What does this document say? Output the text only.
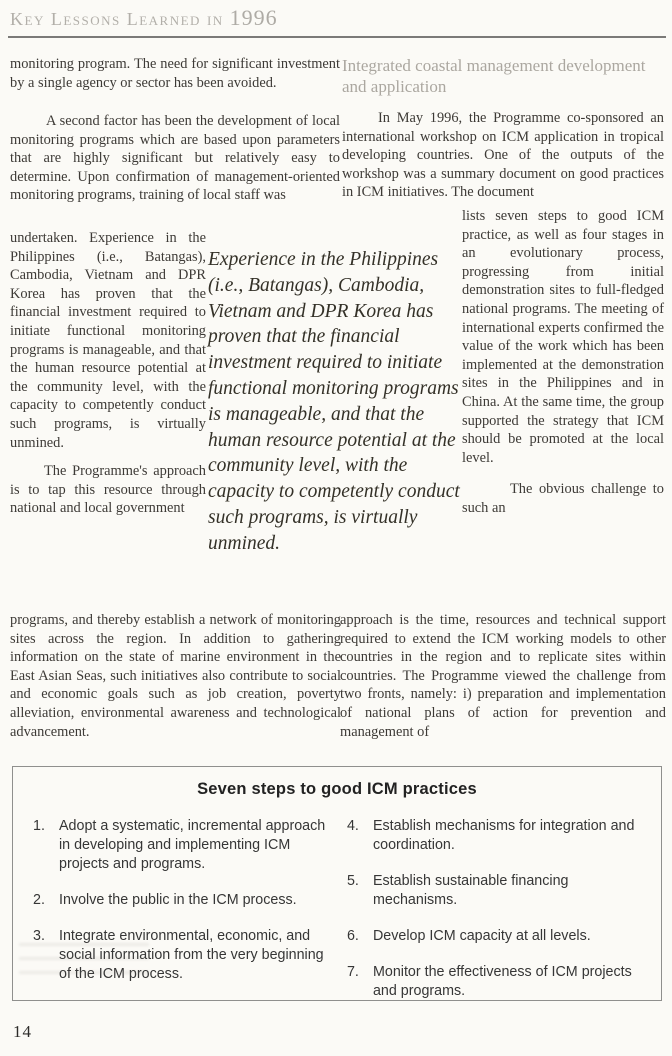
Key Lessons Learned in 1996
monitoring program. The need for significant investment by a single agency or sector has been avoided.
A second factor has been the development of local monitoring programs which are based upon parameters that are highly significant but relatively easy to determine. Upon confirmation of management-oriented monitoring programs, training of local staff was
undertaken. Experience in the Philippines (i.e., Batangas), Cambodia, Vietnam and DPR Korea has proven that the financial investment required to initiate functional monitoring programs is manageable, and that the human resource potential at the community level, with the capacity to competently conduct such programs, is virtually unmined.
The Programme's approach is to tap this resource through national and local government
programs, and thereby establish a network of monitoring sites across the region. In addition to gathering information on the state of marine environment in the East Asian Seas, such initiatives also contribute to social and economic goals such as job creation, poverty alleviation, environmental awareness and technological advancement.
Experience in the Philippines (i.e., Batangas), Cambodia, Vietnam and DPR Korea has proven that the financial investment required to initiate functional monitoring programs is manageable, and that the human resource potential at the community level, with the capacity to competently conduct such programs, is virtually unmined.
Integrated coastal management development and application
In May 1996, the Programme co-sponsored an international workshop on ICM application in tropical developing countries. One of the outputs of the workshop was a summary document on good practices in ICM initiatives. The document
lists seven steps to good ICM practice, as well as four stages in an evolutionary process, progressing from initial demonstration sites to full-fledged national programs. The meeting of international experts confirmed the value of the work which has been implemented at the demonstration sites in the Philippines and in China. At the same time, the group supported the strategy that ICM should be promoted at the local level.
The obvious challenge to such an
approach is the time, resources and technical support required to extend the ICM working models to other countries in the region and to replicate sites within countries. The Programme viewed the challenge from two fronts, namely: i) preparation and implementation of national plans of action for prevention and management of
Seven steps to good ICM practices
1. Adopt a systematic, incremental approach in developing and implementing ICM projects and programs.
2. Involve the public in the ICM process.
3. Integrate environmental, economic, and social information from the very beginning of the ICM process.
4. Establish mechanisms for integration and coordination.
5. Establish sustainable financing mechanisms.
6. Develop ICM capacity at all levels.
7. Monitor the effectiveness of ICM projects and programs.
14
